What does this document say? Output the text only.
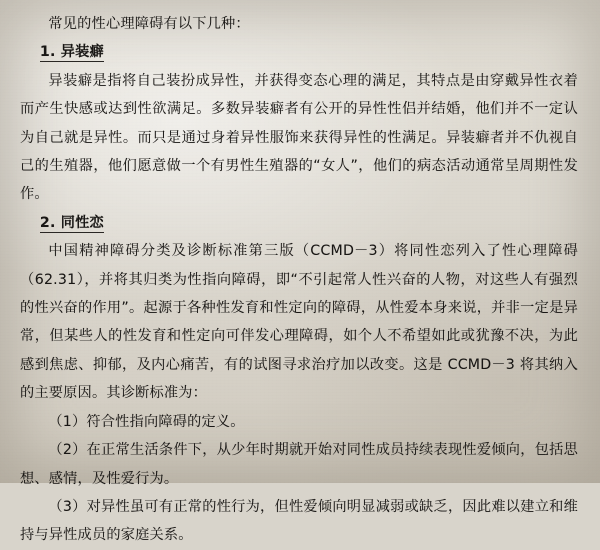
常见的性心理障碍有以下几种：

1. 异装癖

异装癖是指将自己装扮成异性，并获得变态心理的满足，其特点是由穿戴异性衣着而产生快感或达到性欲满足。多数异装癖者有公开的异性性侣并结婚，他们并不一定认为自己就是异性。而只是通过身着异性服饰来获得异性的性满足。异装癖者并不仇视自己的生殖器，他们愿意做一个有男性生殖器的“女人”，他们的病态活动通常呈周期性发作。

2. 同性恋

中国精神障碍分类及诊断标准第三版（CCMD－3）将同性恋列入了性心理障碍（62.31），并将其归类为性指向障碍，即“不引起常人性兴奋的人物，对这些人有强烈的性兴奋的作用”。起源于各种性发育和性定向的障碍，从性爱本身来说，并非一定是异常，但某些人的性发育和性定向可伴发心理障碍，如个人不希望如此或犹豫不决，为此感到焦虑、抑郁，及内心痛苦，有的试图寻求治疗加以改变。这是 CCMD－3 将其纳入的主要原因。其诊断标准为：

（1）符合性指向障碍的定义。

（2）在正常生活条件下，从少年时期就开始对同性成员持续表现性爱倾向，包括思想、感情，及性爱行为。

（3）对异性虽可有正常的性行为，但性爱倾向明显减弱或缺乏，因此难以建立和维持与异性成员的家庭关系。
